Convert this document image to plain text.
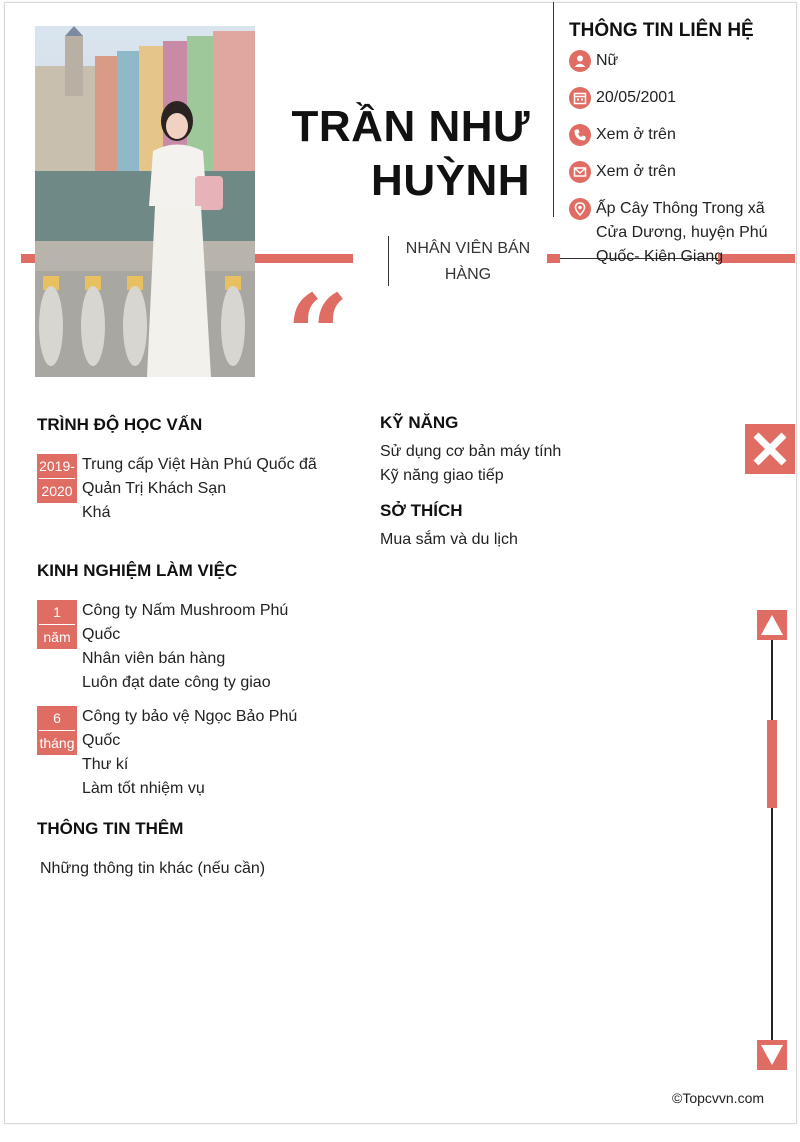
TRẦN NHƯ
HUỲNH
NHÂN VIÊN BÁN
HÀNG
“
THÔNG TIN LIÊN HỆ
Nữ
20/05/2001
Xem ở trên
Xem ở trên
Ấp Cây Thông Trong xã Cửa Dương, huyện Phú Quốc- Kiên Giang
TRÌNH ĐỘ HỌC VẤN
2019-
2020
Trung cấp Việt Hàn Phú Quốc đã
Quản Trị Khách Sạn
Khá
KINH NGHIỆM LÀM VIỆC
1
năm
Công ty Nấm Mushroom Phú
Quốc
Nhân viên bán hàng
Luôn đạt date công ty giao
6
tháng
Công ty bảo vệ Ngọc Bảo Phú
Quốc
Thư kí
Làm tốt nhiệm vụ
THÔNG TIN THÊM
Những thông tin khác (nếu cần)
KỸ NĂNG
Sử dụng cơ bản máy tính
Kỹ năng giao tiếp
SỞ THÍCH
Mua sắm và du lịch
©Topcvvn.com
